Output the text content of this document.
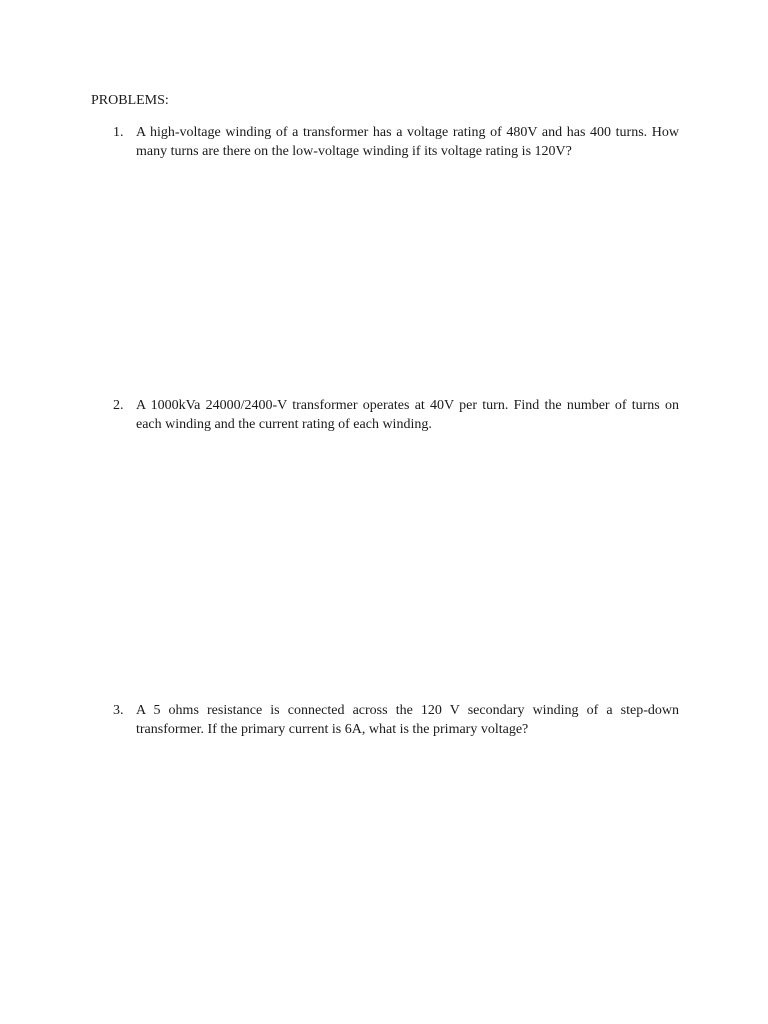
PROBLEMS:
1. A high-voltage winding of a transformer has a voltage rating of 480V and has 400 turns. How many turns are there on the low-voltage winding if its voltage rating is 120V?
2. A 1000kVa 24000/2400-V transformer operates at 40V per turn. Find the number of turns on each winding and the current rating of each winding.
3. A 5 ohms resistance is connected across the 120 V secondary winding of a step-down transformer. If the primary current is 6A, what is the primary voltage?
